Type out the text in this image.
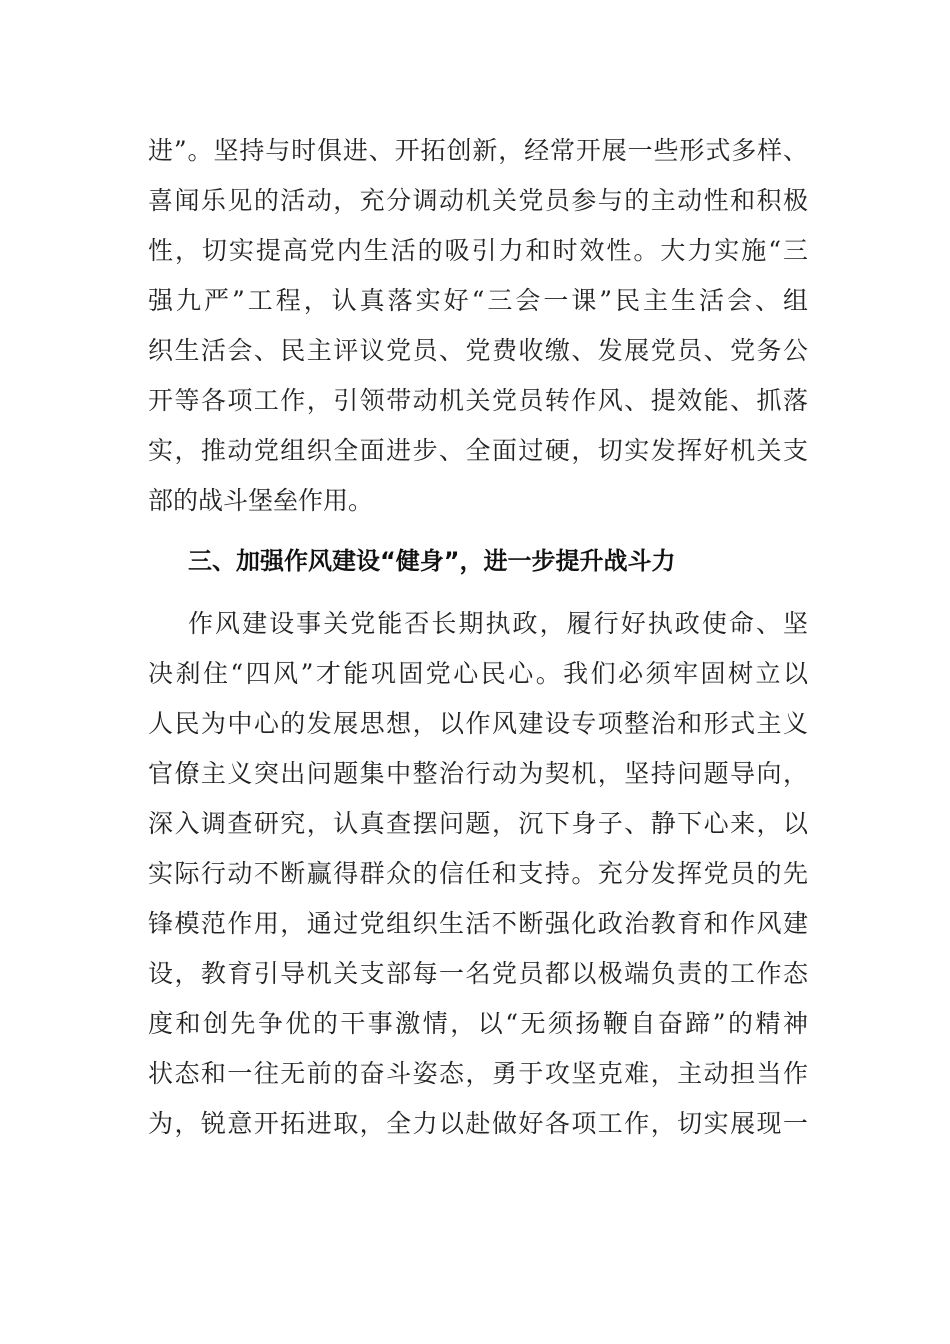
进”。坚持与时俱进、开拓创新，经常开展一些形式多样、
喜闻乐见的活动，充分调动机关党员参与的主动性和积极
性，切实提高党内生活的吸引力和时效性。大力实施“三
强九严”工程，认真落实好“三会一课”民主生活会、组
织生活会、民主评议党员、党费收缴、发展党员、党务公
开等各项工作，引领带动机关党员转作风、提效能、抓落
实，推动党组织全面进步、全面过硬，切实发挥好机关支
部的战斗堡垒作用。
三、加强作风建设“健身”，进一步提升战斗力
作风建设事关党能否长期执政，履行好执政使命、坚
决刹住“四风”才能巩固党心民心。我们必须牢固树立以
人民为中心的发展思想，以作风建设专项整治和形式主义
官僚主义突出问题集中整治行动为契机，坚持问题导向，
深入调查研究，认真查摆问题，沉下身子、静下心来，以
实际行动不断赢得群众的信任和支持。充分发挥党员的先
锋模范作用，通过党组织生活不断强化政治教育和作风建
设，教育引导机关支部每一名党员都以极端负责的工作态
度和创先争优的干事激情，以“无须扬鞭自奋蹄”的精神
状态和一往无前的奋斗姿态，勇于攻坚克难，主动担当作
为，锐意开拓进取，全力以赴做好各项工作，切实展现一
